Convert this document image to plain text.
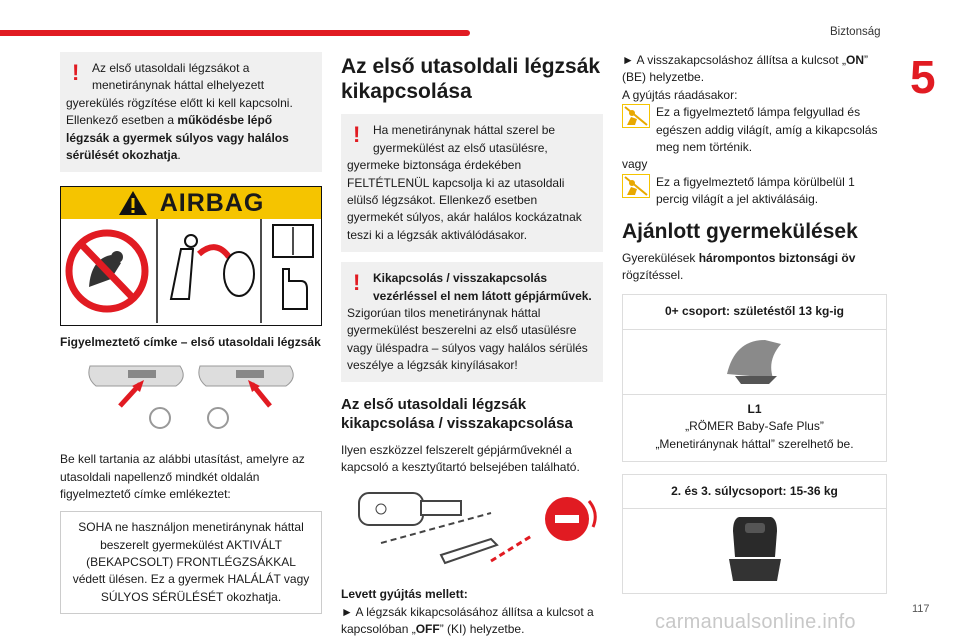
Biztonság
5
!	Az első utasoldali légzsákot a
menetiránynak háttal elhelyezett
gyerekülés rögzítése előtt ki kell kapcsolni. Ellenkező esetben a működésbe lépő légzsák a gyermek súlyos vagy halálos sérülését okozhatja.
AIRBAG
Figyelmeztető címke – első utasoldali légzsák
Be kell tartania az alábbi utasítást, amelyre az utasoldali napellenző mindkét oldalán figyelmeztető címke emlékeztet:
SOHA ne használjon menetiránynak háttal beszerelt gyermekülést AKTIVÁLT (BEKAPCSOLT) FRONTLÉGZSÁKKAL védett ülésen. Ez a gyermek HALÁLÁT vagy SÚLYOS SÉRÜLÉSÉT okozhatja.
Az első utasoldali légzsák kikapcsolása
!	Ha menetiránynak háttal szerel be
gyermekülést az első utasülésre,
gyermeke biztonsága érdekében FELTÉTLENÜL kapcsolja ki az utasoldali elülső légzsákot. Ellenkező esetben gyermekét súlyos, akár halálos kockázatnak teszi ki a légzsák aktiválódásakor.
!	Kikapcsolás / visszakapcsolás
vezérléssel el nem látott gépjárművek.
Szigorúan tilos menetiránynak háttal gyermekülést beszerelni az első utasülésre vagy üléspadra – súlyos vagy halálos sérülés veszélye a légzsák kinyílásakor!
Az első utasoldali légzsák kikapcsolása / visszakapcsolása
Ilyen eszközzel felszerelt gépjárműveknél a kapcsoló a kesztyűtartó belsejében található.
Levett gyújtás mellett:
► A légzsák kikapcsolásához állítsa a kulcsot a kapcsolóban „OFF” (KI) helyzetbe.
► A visszakapcsoláshoz állítsa a kulcsot „ON” (BE) helyzetbe.
A gyújtás ráadásakor:
Ez a figyelmeztető lámpa felgyullad és egészen addig világít, amíg a kikapcsolás meg nem történik.
vagy
Ez a figyelmeztető lámpa körülbelül 1 percig világít a jel aktiválásáig.
Ajánlott gyermekülések
Gyerekülések hárompontos biztonsági öv rögzítéssel.
0+ csoport: születéstől 13 kg-ig
L1
„RÖMER Baby-Safe Plus”
„Menetiránynak háttal” szerelhető be.
2. és 3. súlycsoport: 15-36 kg
carmanualsonline.info
117
